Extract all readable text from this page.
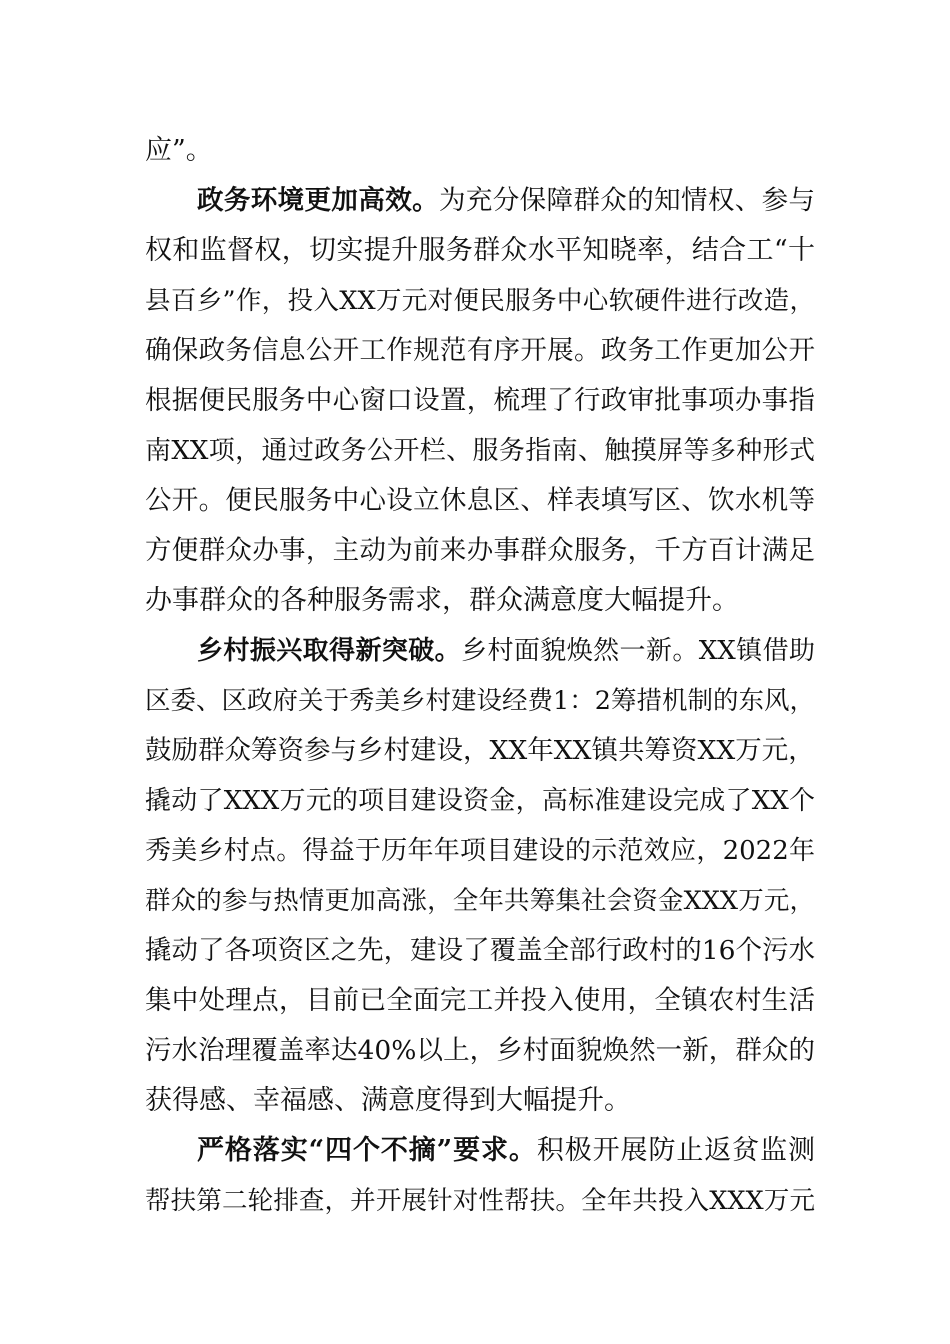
应”。
政务环境更加高效。为充分保障群众的知情权、参与
权和监督权，切实提升服务群众水平知晓率，结合工“十
县百乡”作，投入XX万元对便民服务中心软硬件进行改造，
确保政务信息公开工作规范有序开展。政务工作更加公开
根据便民服务中心窗口设置，梳理了行政审批事项办事指
南XX项，通过政务公开栏、服务指南、触摸屏等多种形式
公开。便民服务中心设立休息区、样表填写区、饮水机等
方便群众办事，主动为前来办事群众服务，千方百计满足
办事群众的各种服务需求，群众满意度大幅提升。
乡村振兴取得新突破。乡村面貌焕然一新。XX镇借助
区委、区政府关于秀美乡村建设经费1：2筹措机制的东风，
鼓励群众筹资参与乡村建设，XX年XX镇共筹资XX万元，
撬动了XXX万元的项目建设资金，高标准建设完成了XX个
秀美乡村点。得益于历年年项目建设的示范效应，2022年
群众的参与热情更加高涨，全年共筹集社会资金XXX万元，
撬动了各项资区之先，建设了覆盖全部行政村的16个污水
集中处理点，目前已全面完工并投入使用，全镇农村生活
污水治理覆盖率达40%以上，乡村面貌焕然一新，群众的
获得感、幸福感、满意度得到大幅提升。
严格落实“四个不摘”要求。积极开展防止返贫监测
帮扶第二轮排查，并开展针对性帮扶。全年共投入XXX万元
